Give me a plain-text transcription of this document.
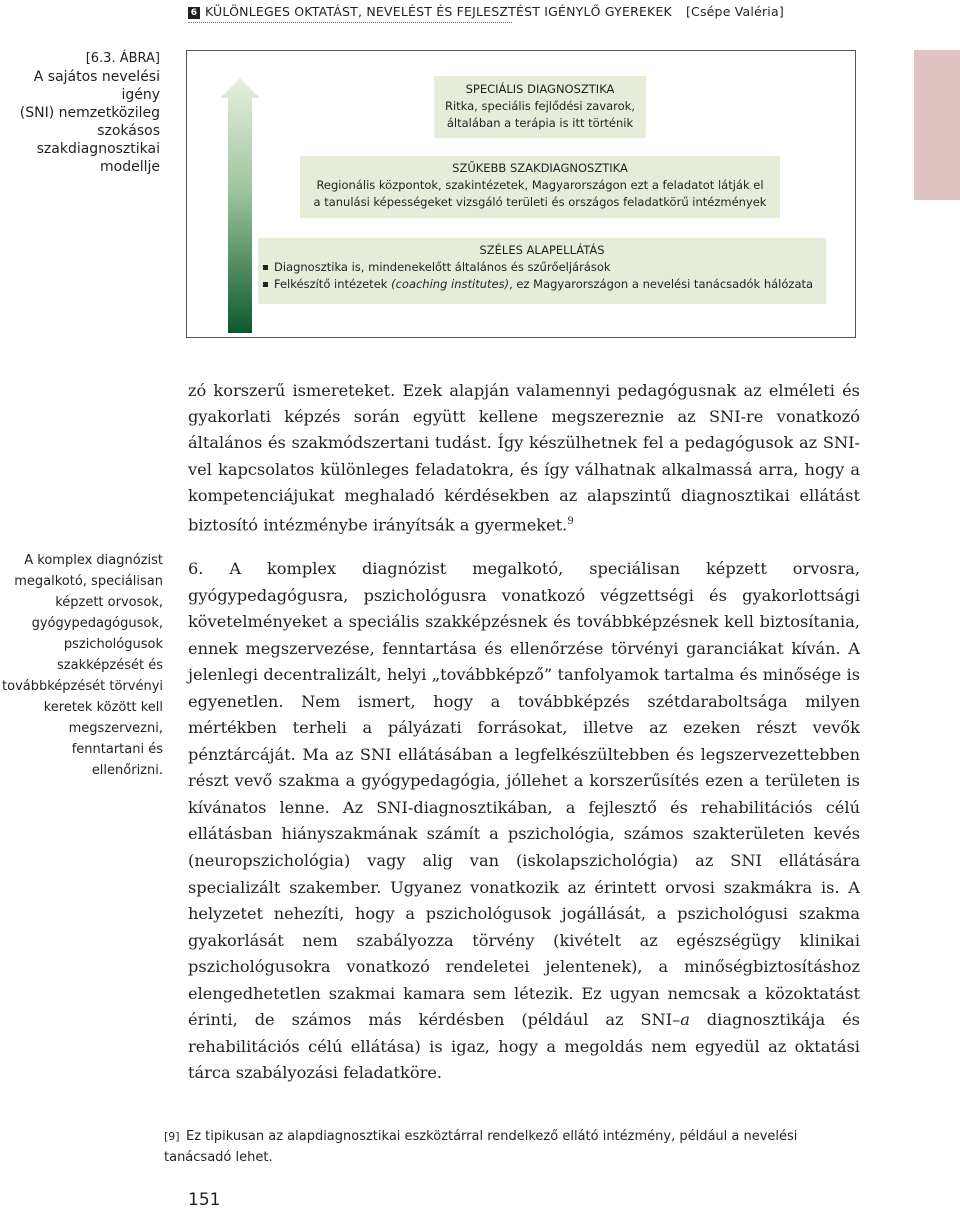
6 KÜLÖNLEGES OKTATÁST, NEVELÉST ÉS FEJLESZTÉST IGÉNYLŐ GYEREKEK [Csépe Valéria]
[6.3. ÁBRA]
A sajátos nevelési igény
(SNI) nemzetközileg
szokásos szakdiagnosztikai
modellje
SPECIÁLIS DIAGNOSZTIKA
Ritka, speciális fejlődési zavarok,
általában a terápia is itt történik
SZŰKEBB SZAKDIAGNOSZTIKA
Regionális központok, szakintézetek, Magyarországon ezt a feladatot látják el
a tanulási képességeket vizsgáló területi és országos feladatkörű intézmények
SZÉLES ALAPELLÁTÁS
Diagnosztika is, mindenekelőtt általános és szűrőeljárások
Felkészítő intézetek (coaching institutes), ez Magyarországon a nevelési tanácsadók hálózata
zó korszerű ismereteket. Ezek alapján valamennyi pedagógusnak az elméleti és gyakorlati képzés során együtt kellene megszereznie az SNI-re vonatkozó általános és szakmódszertani tudást. Így készülhetnek fel a pedagógusok az SNI-vel kapcsolatos különleges feladatokra, és így válhatnak alkalmassá arra, hogy a kompetenciájukat meghaladó kérdésekben az alapszintű diagnosztikai ellátást biztosító intézménybe irányítsák a gyermeket.$^9$
A komplex diagnózist megalkotó, speciálisan képzett orvosok, gyógypedagógusok, pszichológusok szakképzését és továbbképzését törvényi keretek között kell megszervezni, fenntartani és ellenőrizni.
6. A komplex diagnózist megalkotó, speciálisan képzett orvosra, gyógypedagógusra, pszichológusra vonatkozó végzettségi és gyakorlottsági követelményeket a speciális szakképzésnek és továbbképzésnek kell biztosítania, ennek megszervezése, fenntartása és ellenőrzése törvényi garanciákat kíván. A jelenlegi decentralizált, helyi „továbbképző” tanfolyamok tartalma és minősége is egyenetlen. Nem ismert, hogy a továbbképzés szétdaraboltsága milyen mértékben terheli a pályázati forrásokat, illetve az ezeken részt vevők pénztárcáját. Ma az SNI ellátásában a legfelkészültebben és legszervezettebben részt vevő szakma a gyógypedagógia, jóllehet a korszerűsítés ezen a területen is kívánatos lenne. Az SNI-diagnosztikában, a fejlesztő és rehabilitációs célú ellátásban hiányszakmának számít a pszichológia, számos szakterületen kevés (neuropszichológia) vagy alig van (iskolapszichológia) az SNI ellátására specializált szakember. Ugyanez vonatkozik az érintett orvosi szakmákra is. A helyzetet nehezíti, hogy a pszichológusok jogállását, a pszichológusi szakma gyakorlását nem szabályozza törvény (kivételt az egészségügy klinikai pszichológusokra vonatkozó rendeletei jelentenek), a minőségbiztosításhoz elengedhetetlen szakmai kamara sem létezik. Ez ugyan nemcsak a közoktatást érinti, de számos más kérdésben (például az SNI–a diagnosztikája és rehabilitációs célú ellátása) is igaz, hogy a megoldás nem egyedül az oktatási tárca szabályozási feladatköre.
[9] Ez tipikusan az alapdiagnosztikai eszköztárral rendelkező ellátó intézmény, például a nevelési tanácsadó lehet.
151
